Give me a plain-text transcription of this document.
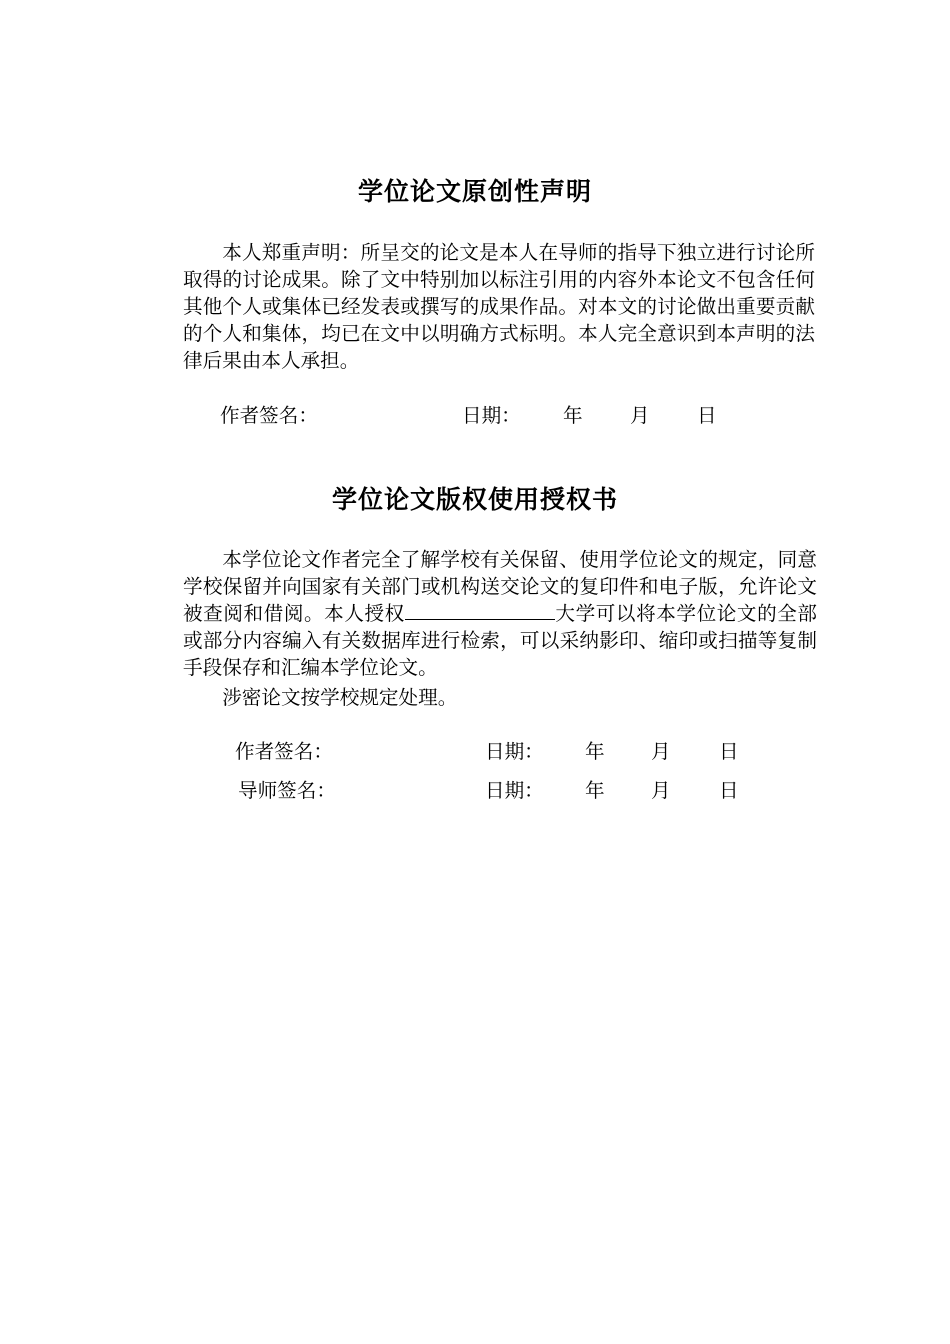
学位论文原创性声明

本人郑重声明：所呈交的论文是本人在导师的指导下独立进行讨论所取得的讨论成果。除了文中特别加以标注引用的内容外本论文不包含任何其他个人或集体已经发表或撰写的成果作品。对本文的讨论做出重要贡献的个人和集体，均已在文中以明确方式标明。本人完全意识到本声明的法律后果由本人承担。

作者签名：	日期： 年 月 日
学位论文版权使用授权书

本学位论文作者完全了解学校有关保留、使用学位论文的规定，同意学校保留并向国家有关部门或机构送交论文的复印件和电子版，允许论文被查阅和借阅。本人授权	大学可以将本学位论文的全部或部分内容编入有关数据库进行检索，可以采纳影印、缩印或扫描等复制手段保存和汇编本学位论文。

涉密论文按学校规定处理。

作者签名：	日期： 年 月 日
导师签名：	日期： 年 月 日
